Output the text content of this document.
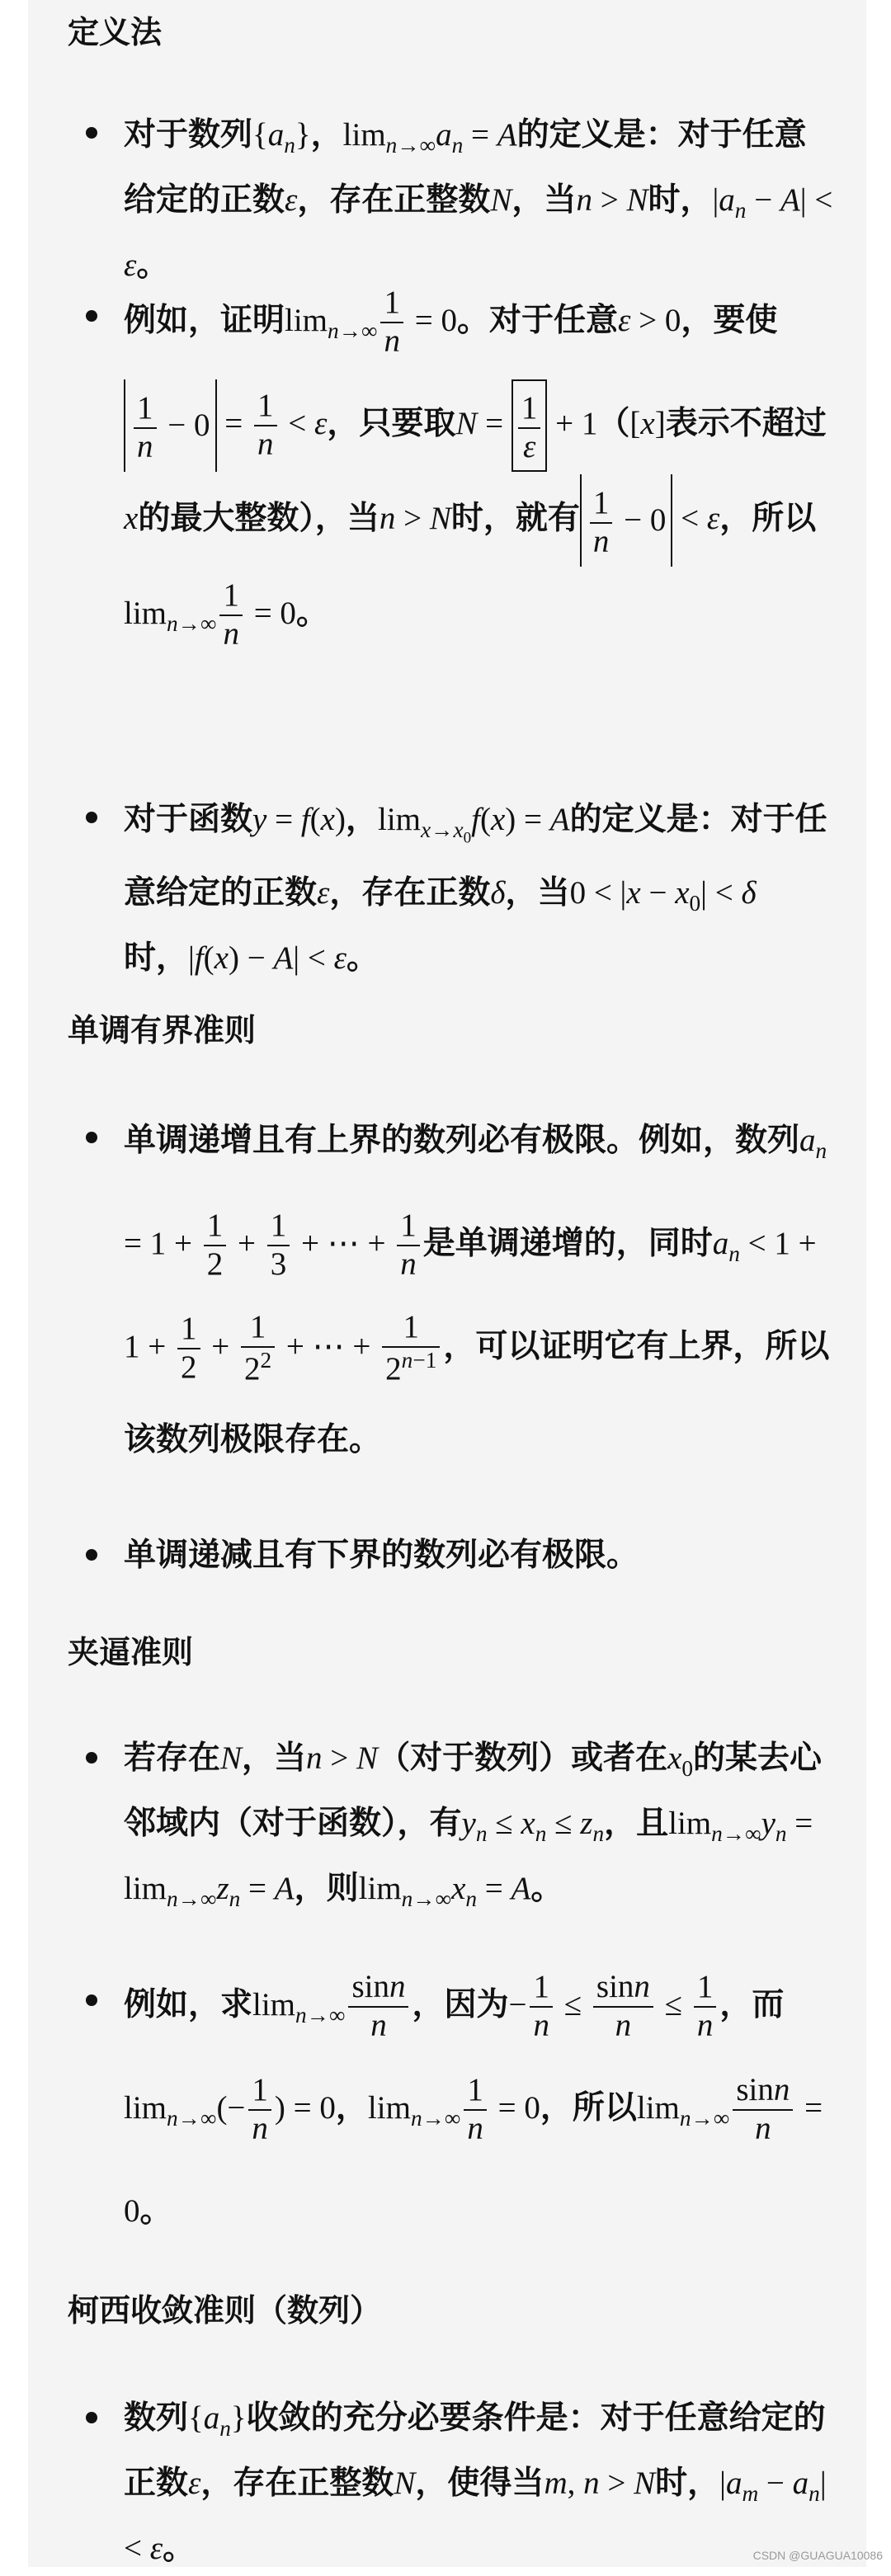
定义法

对于数列$\{a_n\}$，$\lim_{n\to\infty}a_n = A$的定义是：对于任意给定的正数ε，存在正整数N，当n > N时，$|a_n - A| < \varepsilon$。

例如，证明$\lim_{n\to\infty} \frac{1}{n} = 0$。对于任意ε > 0，要使
$\frac{1}{n} - 0 = \frac{1}{n} < \varepsilon$，只要取$N = \frac{1}{\varepsilon} + 1([x]$表示不超过x的最大整数），当n > N时，就有 $\frac{1}{n} - 0 < \varepsilon$，所以$\lim_{n\to\infty} \frac{1}{n} = 0$。

对于函数y = f(x)，$\lim_{x\to x_0}f(x) = A$的定义是：对于任意给定的正数ε，存在正数δ，当$0 < |x - x_0| < \delta$时，|f(x) − A| < ε。

单调有界准则

单调递增且有上界的数列必有极限。例如，数列$a_n = 1 + \frac{1}{2} + \frac{1}{3}$ + ⋯ + $\frac{1}{n}$ 是单调递增的，同时$a_n < 1 + 1 + \frac{1}{2} + \frac{1}{2^2}$ + ⋯ + $\frac{1}{2^{n-1}}$ ，可以证明它有上界，所以该数列极限存在。

单调递减且有下界的数列必有极限。

夹逼准则

若存在N，当n > N（对于数列）或者在$x_0$的某去心邻域内（对于函数），有$y_n \le x_n \le z_n$，且$\lim_{n\to\infty}y_n = \lim_{n\to\infty}z_n = A$，则$\lim_{n\to\infty}x_n = A$。

例如，求$\lim_{n\to\infty} \frac{\sin n}{n}$ ，因为− $\frac{1}{n} \le \frac{\sin n}{n} \le \frac{1}{n}$ ，而$\lim_{n\to\infty}(- \frac{1}{n}$ ) = 0，$\lim_{n\to\infty} \frac{1}{n} = 0$，所以$\lim_{n\to\infty} \frac{\sin n}{n} = 0$。

柯西收敛准则（数列）

数列$\{a_n\}$收敛的充分必要条件是：对于任意给定的正数ε，存在正整数N，使得当m, n > N时，$|a_m - a_n| < \varepsilon$。	CSDN @GUAGUA10086
